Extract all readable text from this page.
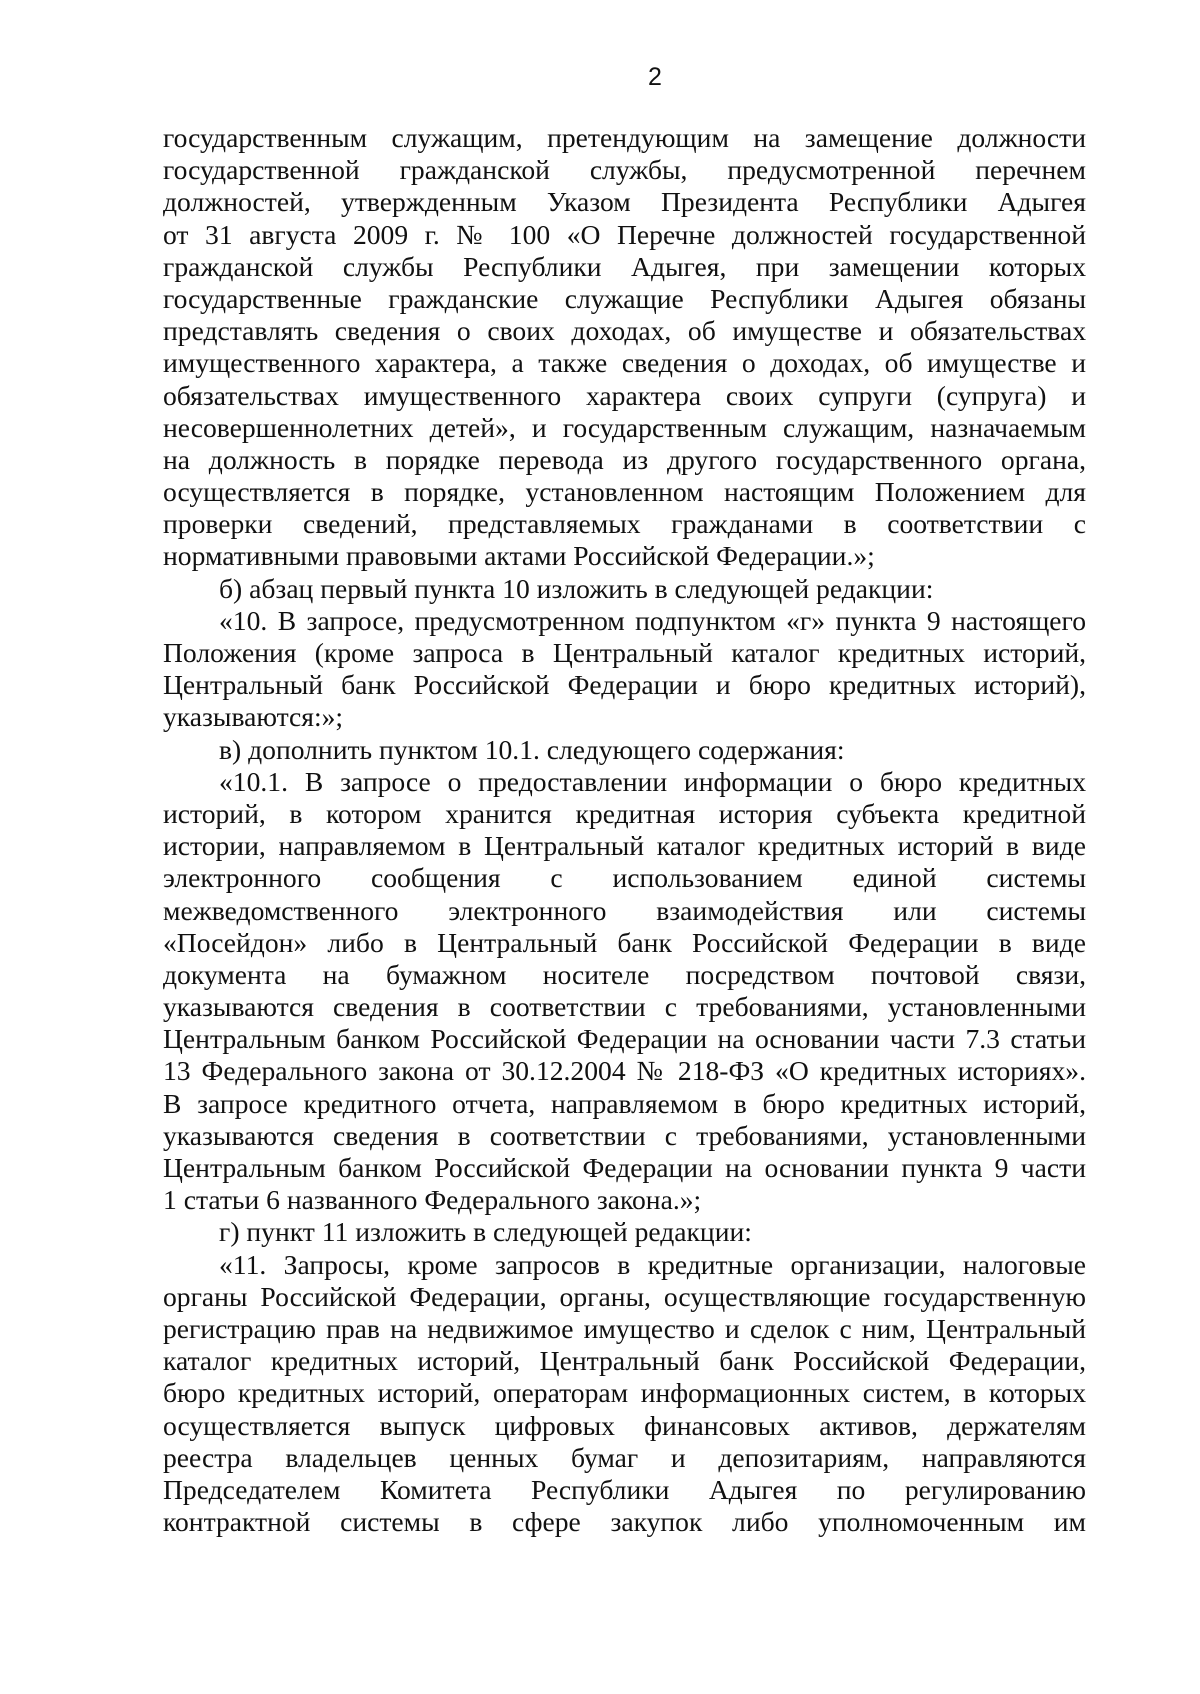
2
государственным служащим, претендующим на замещение должности
государственной гражданской службы, предусмотренной перечнем
должностей, утвержденным Указом Президента Республики Адыгея
от 31 августа 2009 г. № 100 «О Перечне должностей государственной
гражданской службы Республики Адыгея, при замещении которых
государственные гражданские служащие Республики Адыгея обязаны
представлять сведения о своих доходах, об имуществе и обязательствах
имущественного характера, а также сведения о доходах, об имуществе и
обязательствах имущественного характера своих супруги (супруга) и
несовершеннолетних детей», и государственным служащим, назначаемым
на должность в порядке перевода из другого государственного органа,
осуществляется в порядке, установленном настоящим Положением для
проверки сведений, представляемых гражданами в соответствии с
нормативными правовыми актами Российской Федерации.»;
б) абзац первый пункта 10 изложить в следующей редакции:
«10. В запросе, предусмотренном подпунктом «г» пункта 9 настоящего
Положения (кроме запроса в Центральный каталог кредитных историй,
Центральный банк Российской Федерации и бюро кредитных историй),
указываются:»;
в) дополнить пунктом 10.1. следующего содержания:
«10.1. В запросе о предоставлении информации о бюро кредитных
историй, в котором хранится кредитная история субъекта кредитной
истории, направляемом в Центральный каталог кредитных историй в виде
электронного сообщения с использованием единой системы
межведомственного электронного взаимодействия или системы
«Посейдон» либо в Центральный банк Российской Федерации в виде
документа на бумажном носителе посредством почтовой связи,
указываются сведения в соответствии с требованиями, установленными
Центральным банком Российской Федерации на основании части 7.3 статьи
13 Федерального закона от 30.12.2004 № 218-ФЗ «О кредитных историях».
В запросе кредитного отчета, направляемом в бюро кредитных историй,
указываются сведения в соответствии с требованиями, установленными
Центральным банком Российской Федерации на основании пункта 9 части
1 статьи 6 названного Федерального закона.»;
г) пункт 11 изложить в следующей редакции:
«11. Запросы, кроме запросов в кредитные организации, налоговые
органы Российской Федерации, органы, осуществляющие государственную
регистрацию прав на недвижимое имущество и сделок с ним, Центральный
каталог кредитных историй, Центральный банк Российской Федерации,
бюро кредитных историй, операторам информационных систем, в которых
осуществляется выпуск цифровых финансовых активов, держателям
реестра владельцев ценных бумаг и депозитариям, направляются
Председателем Комитета Республики Адыгея по регулированию
контрактной системы в сфере закупок либо уполномоченным им
